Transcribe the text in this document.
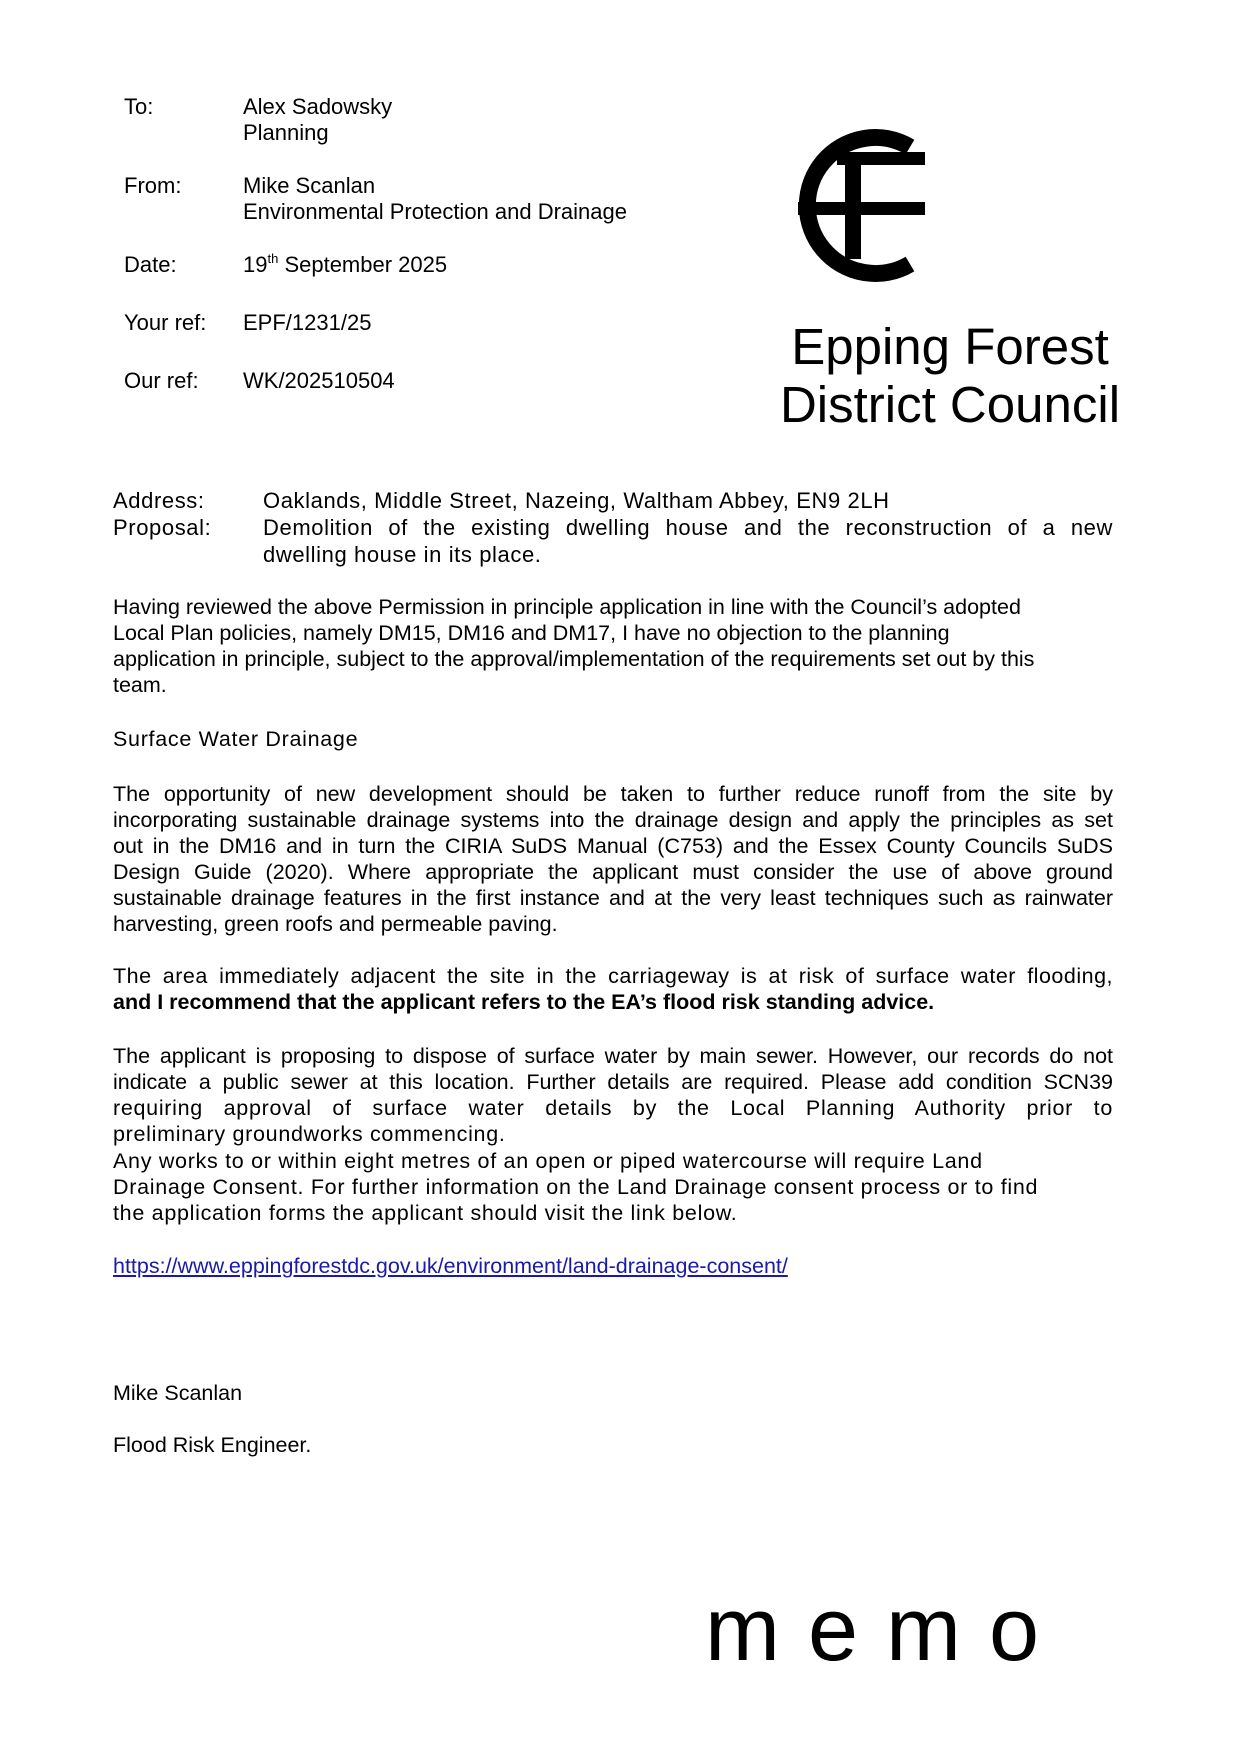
To:	Alex Sadowsky
Planning
From:	Mike Scanlan
Environmental Protection and Drainage
Date:	19th September 2025
Your ref:	EPF/1231/25
Our ref:	WK/202510504
Epping Forest
District Council
Address:	Oaklands, Middle Street, Nazeing, Waltham Abbey, EN9 2LH
Proposal:	Demolition of the existing dwelling house and the reconstruction of a new
dwelling house in its place.
Having reviewed the above Permission in principle application in line with the Council’s adopted
Local Plan policies, namely DM15, DM16 and DM17, I have no objection to the planning
application in principle, subject to the approval/implementation of the requirements set out by this
team.
Surface Water Drainage
The opportunity of new development should be taken to further reduce runoff from the site by
incorporating sustainable drainage systems into the drainage design and apply the principles as set
out in the DM16 and in turn the CIRIA SuDS Manual (C753) and the Essex County Councils SuDS
Design Guide (2020). Where appropriate the applicant must consider the use of above ground
sustainable drainage features in the first instance and at the very least techniques such as rainwater
harvesting, green roofs and permeable paving.
The area immediately adjacent the site in the carriageway is at risk of surface water flooding,
and I recommend that the applicant refers to the EA’s flood risk standing advice.
The applicant is proposing to dispose of surface water by main sewer. However, our records do not
indicate a public sewer at this location. Further details are required. Please add condition SCN39
requiring approval of surface water details by the Local Planning Authority prior to
preliminary groundworks commencing.
Any works to or within eight metres of an open or piped watercourse will require Land
Drainage Consent. For further information on the Land Drainage consent process or to find
the application forms the applicant should visit the link below.
https://www.eppingforestdc.gov.uk/environment/land-drainage-consent/
Mike Scanlan
Flood Risk Engineer.
memo
